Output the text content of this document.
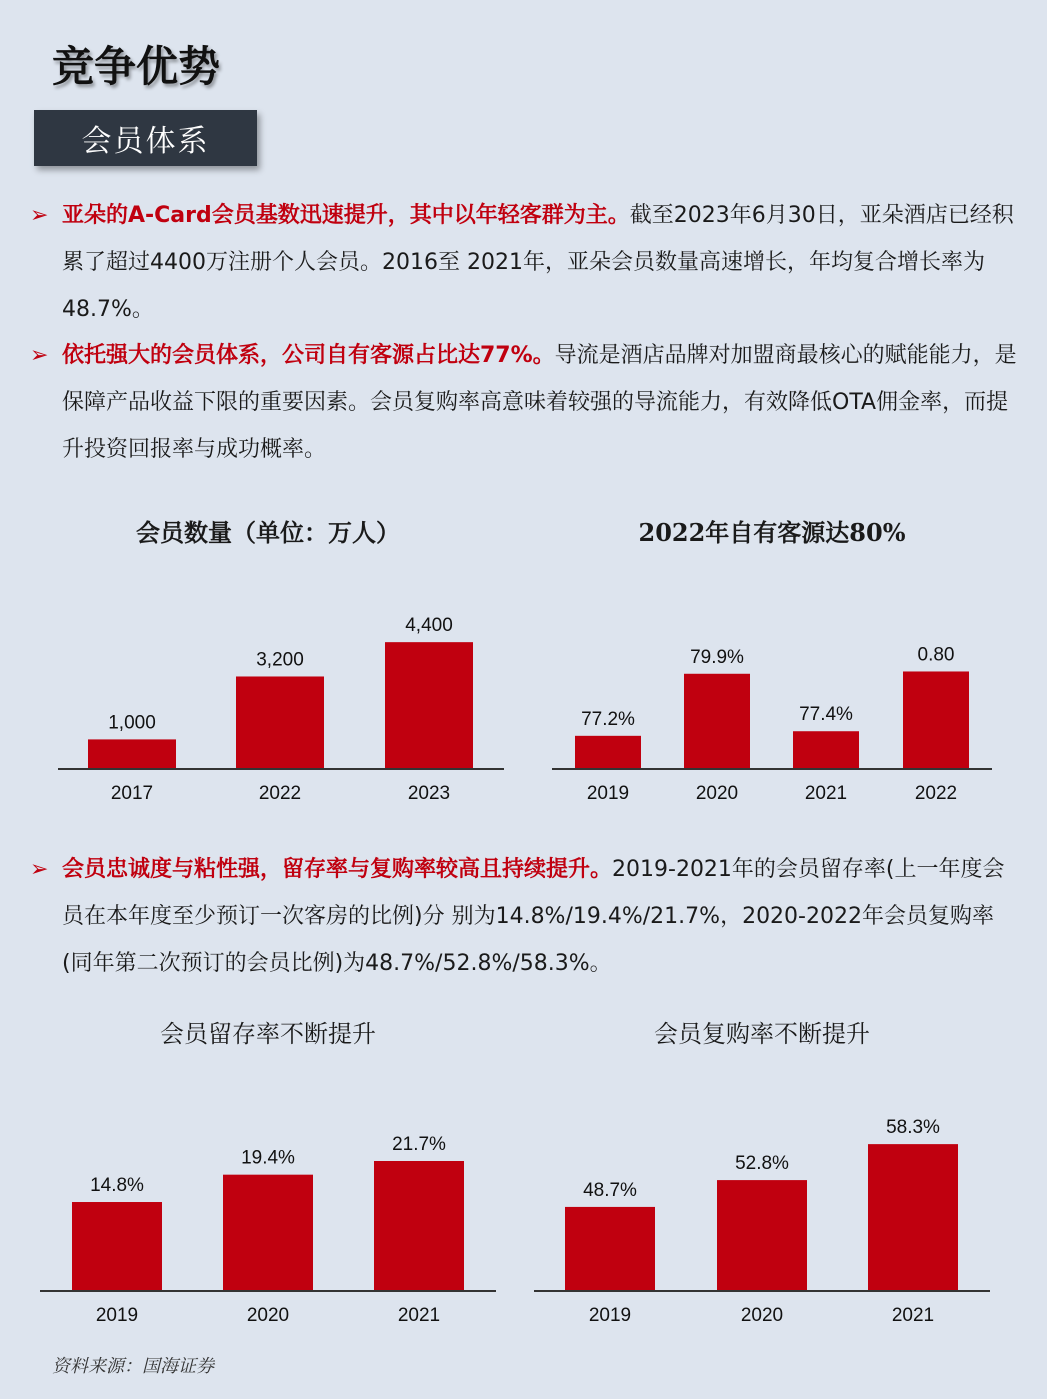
竞争优势
会员体系
➢ 亚朵的A-Card会员基数迅速提升，其中以年轻客群为主。截至2023年6月30日，亚朵酒店已经积累了超过4400万注册个人会员。2016至 2021年，亚朵会员数量高速增长，年均复合增长率为48.7%。
➢ 依托强大的会员体系，公司自有客源占比达77%。导流是酒店品牌对加盟商最核心的赋能能力，是保障产品收益下限的重要因素。会员复购率高意味着较强的导流能力，有效降低OTA佣金率，而提升投资回报率与成功概率。
会员数量（单位：万人）
1,000
2017
3,200
2022
4,400
2023
2022年自有客源达80%
77.2%
2019
79.9%
2020
77.4%
2021
0.80
2022
➢ 会员忠诚度与粘性强，留存率与复购率较高且持续提升。2019-2021年的会员留存率(上一年度会员在本年度至少预订一次客房的比例)分 别为14.8%/19.4%/21.7%，2020-2022年会员复购率(同年第二次预订的会员比例)为48.7%/52.8%/58.3%。
会员留存率不断提升
14.8%
2019
19.4%
2020
21.7%
2021
会员复购率不断提升
48.7%
2019
52.8%
2020
58.3%
2021
资料来源：国海证券
